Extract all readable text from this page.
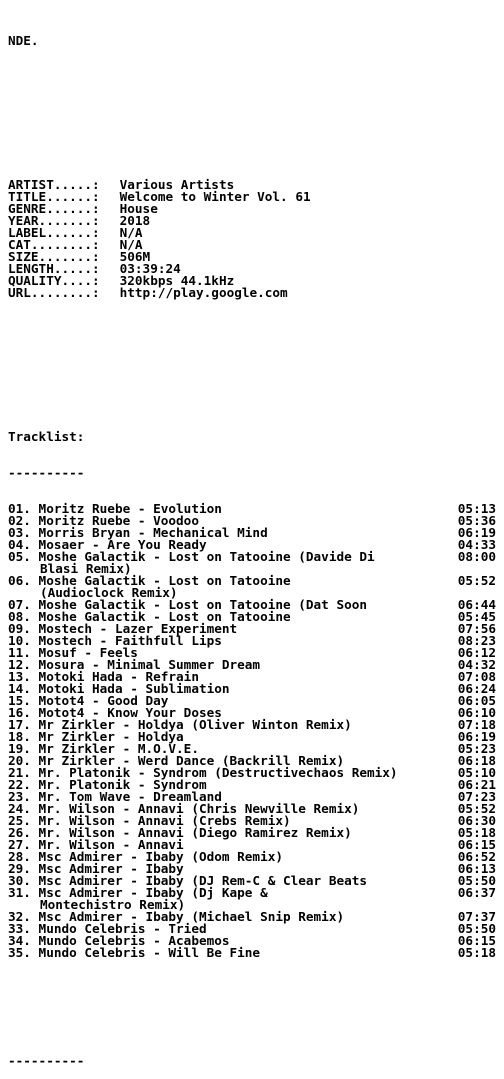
NDE.

ARTIST.....: Various Artists
TITLE......: Welcome to Winter Vol. 61
GENRE......: House
YEAR.......: 2018
LABEL......: N/A
CAT........: N/A
SIZE.......: 506M
LENGTH.....: 03:39:24
QUALITY....: 320kbps 44.1kHz
URL........: http://play.google.com

Tracklist:

----------

01. Moritz Ruebe - Evolution	05:13
02. Moritz Ruebe - Voodoo	05:36
03. Morris Bryan - Mechanical Mind	06:19
04. Mosaer - Are You Ready	04:33
05. Moshe Galactik - Lost on Tatooine (Davide Di	08:00
Blasi Remix)
06. Moshe Galactik - Lost on Tatooine	05:52
(Audioclock Remix)
07. Moshe Galactik - Lost on Tatooine (Dat Soon	06:44
08. Moshe Galactik - Lost on Tatooine	05:45
09. Mostech - Lazer Experiment	07:56
10. Mostech - Faithfull Lips	08:23
11. Mosuf - Feels	06:12
12. Mosura - Minimal Summer Dream	04:32
13. Motoki Hada - Refrain	07:08
14. Motoki Hada - Sublimation	06:24
15. Motot4 - Good Day	06:05
16. Motot4 - Know Your Doses	06:10
17. Mr Zirkler - Holdya (Oliver Winton Remix)	07:18
18. Mr Zirkler - Holdya	06:19
19. Mr Zirkler - M.O.V.E.	05:23
20. Mr Zirkler - Werd Dance (Backrill Remix)	06:18
21. Mr. Platonik - Syndrom (Destructivechaos Remix)	05:10
22. Mr. Platonik - Syndrom	06:21
23. Mr. Tom Wave - Dreamland	07:23
24. Mr. Wilson - Annavi (Chris Newville Remix)	05:52
25. Mr. Wilson - Annavi (Crebs Remix)	06:30
26. Mr. Wilson - Annavi (Diego Ramirez Remix)	05:18
27. Mr. Wilson - Annavi	06:15
28. Msc Admirer - Ibaby (Odom Remix)	06:52
29. Msc Admirer - Ibaby	06:13
30. Msc Admirer - Ibaby (DJ Rem-C & Clear Beats	05:50
31. Msc Admirer - Ibaby (Dj Kape &	06:37
Montechistro Remix)
32. Msc Admirer - Ibaby (Michael Snip Remix)	07:37
33. Mundo Celebris - Tried	05:50
34. Mundo Celebris - Acabemos	06:15
35. Mundo Celebris - Will Be Fine	05:18

----------
